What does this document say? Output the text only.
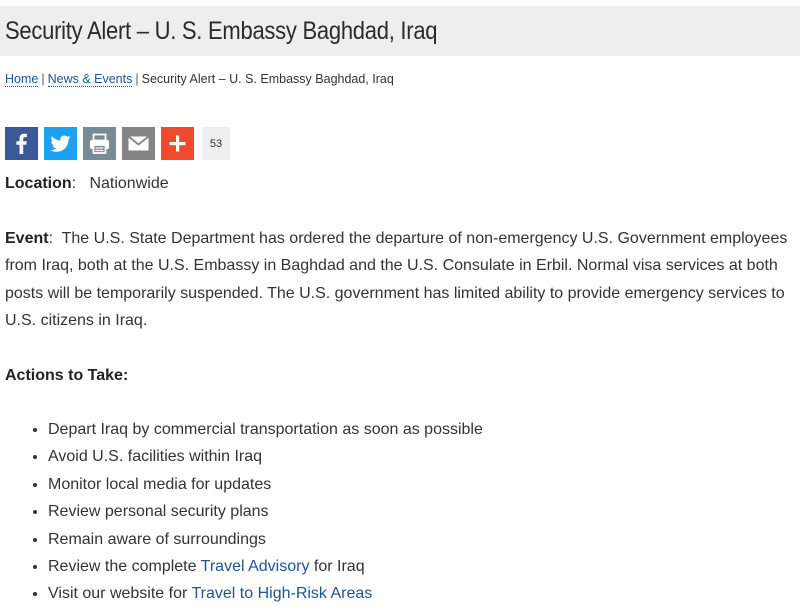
Security Alert – U. S. Embassy Baghdad, Iraq
Home | News & Events | Security Alert – U. S. Embassy Baghdad, Iraq
53

Location:   Nationwide

Event:  The U.S. State Department has ordered the departure of non-emergency U.S. Government employees from Iraq, both at the U.S. Embassy in Baghdad and the U.S. Consulate in Erbil. Normal visa services at both posts will be temporarily suspended. The U.S. government has limited ability to provide emergency services to U.S. citizens in Iraq.

Actions to Take:

• Depart Iraq by commercial transportation as soon as possible
• Avoid U.S. facilities within Iraq
• Monitor local media for updates
• Review personal security plans
• Remain aware of surroundings
• Review the complete Travel Advisory for Iraq
• Visit our website for Travel to High-Risk Areas
